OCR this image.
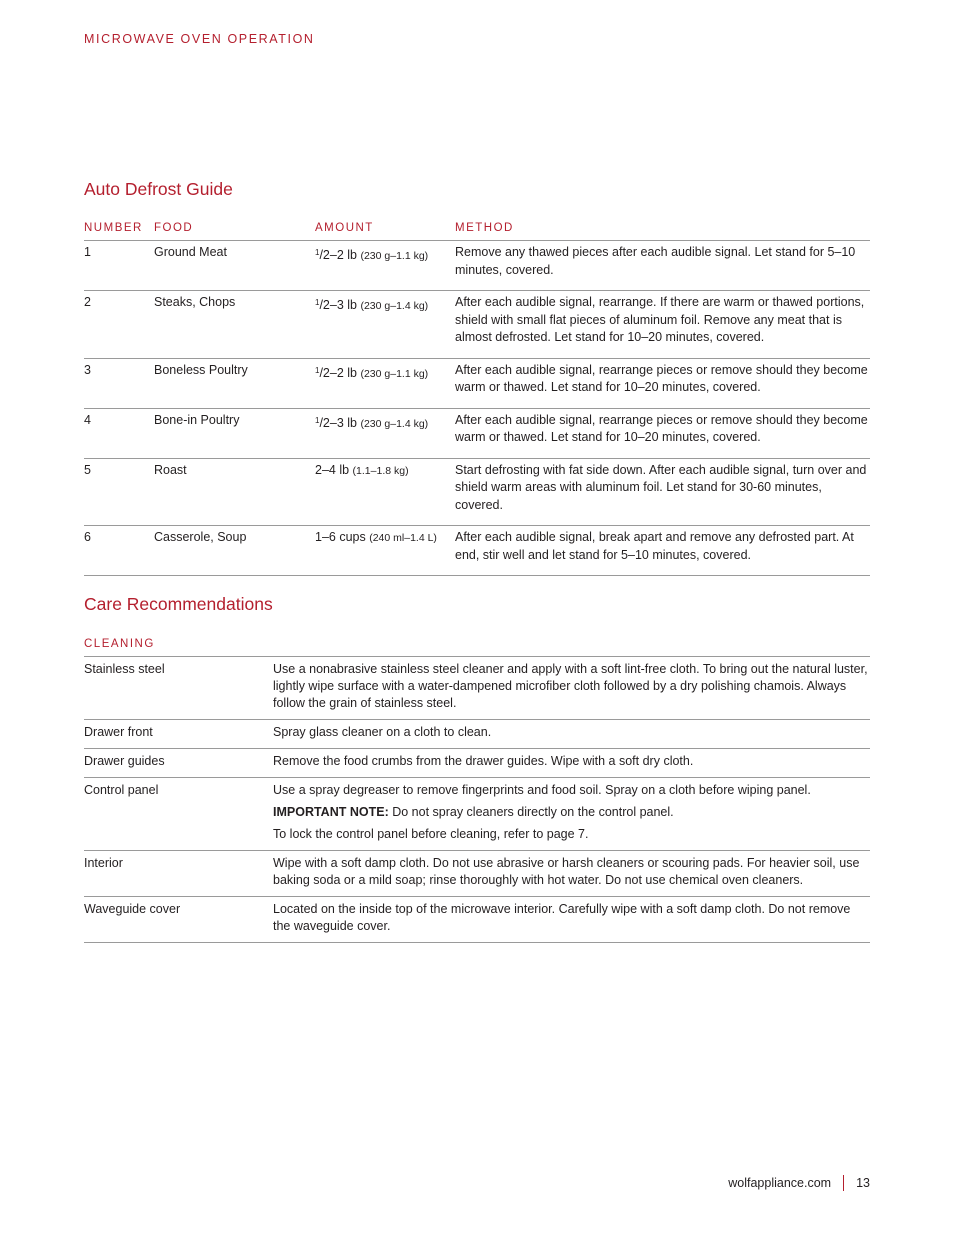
MICROWAVE OVEN OPERATION
Auto Defrost Guide
NUMBER FOOD	AMOUNT	METHOD
1	Ground Meat	$^1$/2–2 lb (230 g–1.1 kg)	Remove any thawed pieces after each audible signal. Let stand for 5–10 minutes, covered.
2	Steaks, Chops	$^1$/2–3 lb (230 g–1.4 kg)	After each audible signal, rearrange. If there are warm or thawed portions, shield with small flat pieces of aluminum foil. Remove any meat that is almost defrosted. Let stand for 10–20 minutes, covered.
3	Boneless Poultry	$^1$/2–2 lb (230 g–1.1 kg)	After each audible signal, rearrange pieces or remove should they become warm or thawed. Let stand for 10–20 minutes, covered.
4	Bone-in Poultry	$^1$/2–3 lb (230 g–1.4 kg)	After each audible signal, rearrange pieces or remove should they become warm or thawed. Let stand for 10–20 minutes, covered.
5	Roast	2–4 lb (1.1–1.8 kg)	Start defrosting with fat side down. After each audible signal, turn over and shield warm areas with aluminum foil. Let stand for 30-60 minutes, covered.
6	Casserole, Soup	1–6 cups (240 ml–1.4 L)	After each audible signal, break apart and remove any defrosted part. At end, stir well and let stand for 5–10 minutes, covered.
Care Recommendations
CLEANING
Stainless steel	Use a nonabrasive stainless steel cleaner and apply with a soft lint-free cloth. To bring out the natural luster, lightly wipe surface with a water-dampened microfiber cloth followed by a dry polishing chamois. Always follow the grain of stainless steel.

Drawer front	Spray glass cleaner on a cloth to clean.

Drawer guides	Remove the food crumbs from the drawer guides. Wipe with a soft dry cloth.

Control panel	Use a spray degreaser to remove fingerprints and food soil. Spray on a cloth before wiping panel.

IMPORTANT NOTE: Do not spray cleaners directly on the control panel.

To lock the control panel before cleaning, refer to page 7.

Interior	Wipe with a soft damp cloth. Do not use abrasive or harsh cleaners or scouring pads. For heavier soil, use baking soda or a mild soap; rinse thoroughly with hot water. Do not use chemical oven cleaners.

Waveguide cover	Located on the inside top of the microwave interior. Carefully wipe with a soft damp cloth. Do not remove the waveguide cover.

wolfappliance.com 13
